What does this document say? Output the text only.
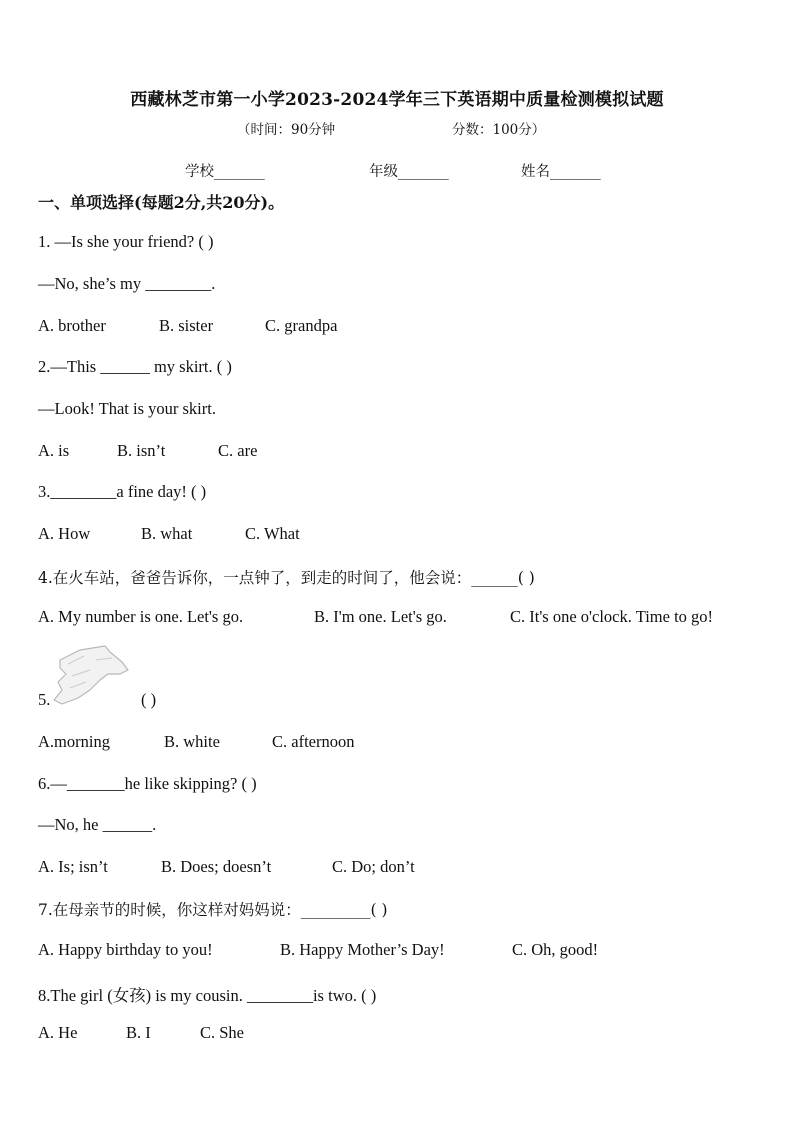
西藏林芝市第一小学2023-2024学年三下英语期中质量检测模拟试题
（时间：90分钟	分数：100分）
学校_______	年级_______	姓名_______
一、单项选择(每题2分,共20分)。
1. —Is she your friend? ( )
—No, she’s my ________.
A. brother	B. sister	C. grandpa
2.—This ______ my skirt. ( )
—Look! That is your skirt.
A. is	B. isn’t	C. are
3.________a fine day! ( )
A. How	B. what	C. What
4.在火车站，爸爸告诉你，一点钟了，到走的时间了，他会说：______( )
A. My number is one. Let's go.	B. I'm one. Let's go.	C. It's one o'clock. Time to go!
5.	( )
A.morning	B. white	C. afternoon
6.—_______he like skipping? ( )
—No, he ______.
A. Is; isn’t	B. Does; doesn’t	C. Do; don’t
7.在母亲节的时候，你这样对妈妈说：_________( )
A. Happy birthday to you!	B. Happy Mother’s Day!	C. Oh, good!
8.The girl (女孩) is my cousin. ________is two. ( )
A. He	B. I	C. She
